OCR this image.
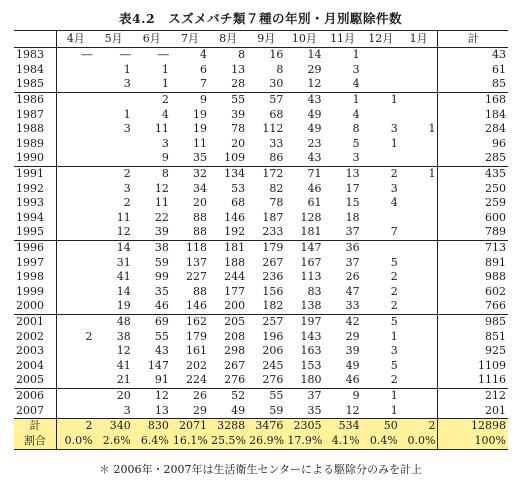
表4.2　スズメバチ類７種の年別・月別駆除件数
	4月	5月	6月	7月	8月	9月	10月	11月	12月	1月	計
1983	―	―	―	4	8	16	14	1			43
1984		1	1	6	13	8	29	3			61
1985		3	1	7	28	30	12	4			85
1986			2	9	55	57	43	1	1		168
1987		1	4	19	39	68	49	4			184
1988		3	11	19	78	112	49	8	3	1	284
1989			3	11	20	33	23	5	1		96
1990			9	35	109	86	43	3			285
1991		2	8	32	134	172	71	13	2	1	435
1992		3	12	34	53	82	46	17	3		250
1993		2	11	20	68	78	61	15	4		259
1994		11	22	88	146	187	128	18			600
1995		12	39	88	192	233	181	37	7		789
1996		14	38	118	181	179	147	36			713
1997		31	59	137	188	267	167	37	5		891
1998		41	99	227	244	236	113	26	2		988
1999		14	35	88	177	156	83	47	2		602
2000		19	46	146	200	182	138	33	2		766
2001		48	69	162	205	257	197	42	5		985
2002	2	38	55	179	208	196	143	29	1		851
2003		12	43	161	298	206	163	39	3		925
2004		41	147	202	267	245	153	49	5		1109
2005		21	91	224	276	276	180	46	2		1116
2006		20	12	26	52	55	37	9	1		212
2007		3	13	29	49	59	35	12	1		201
計	2	340	830	2071	3288	3476	2305	534	50	2	12898
割合	0.0%	2.6%	6.4%	16.1%	25.5%	26.9%	17.9%	4.1%	0.4%	0.0%	100%
＊ 2006年・2007年は生活衛生センターによる駆除分のみを計上
